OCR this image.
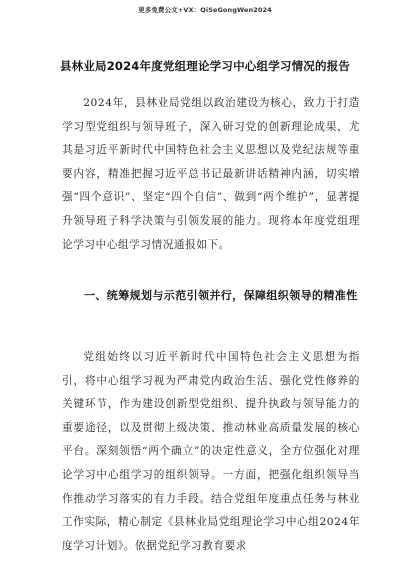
更多免费公文+VX：QiSeGongWen2024
县林业局2024年度党组理论学习中心组学习情况的报告
2024年，县林业局党组以政治建设为核心，致力于打造学习型党组织与领导班子，深入研习党的创新理论成果，尤其是习近平新时代中国特色社会主义思想以及党纪法规等重要内容，精准把握习近平总书记最新讲话精神内涵，切实增强“四个意识”、坚定“四个自信”、做到“两个维护”，显著提升领导班子科学决策与引领发展的能力。现将本年度党组理论学习中心组学习情况通报如下。
一、统筹规划与示范引领并行，保障组织领导的精准性
党组始终以习近平新时代中国特色社会主义思想为指引，将中心组学习视为严肃党内政治生活、强化党性修养的关键环节，作为建设创新型党组织、提升执政与领导能力的重要途径，以及贯彻上级决策、推动林业高质量发展的核心平台。深刻领悟“两个确立”的决定性意义，全方位强化对理论学习中心组学习的组织领导。一方面，把强化组织领导当作推动学习落实的有力手段。结合党组年度重点任务与林业工作实际，精心制定《县林业局党组理论学习中心组2024年度学习计划》。依据党纪学习教育要求
